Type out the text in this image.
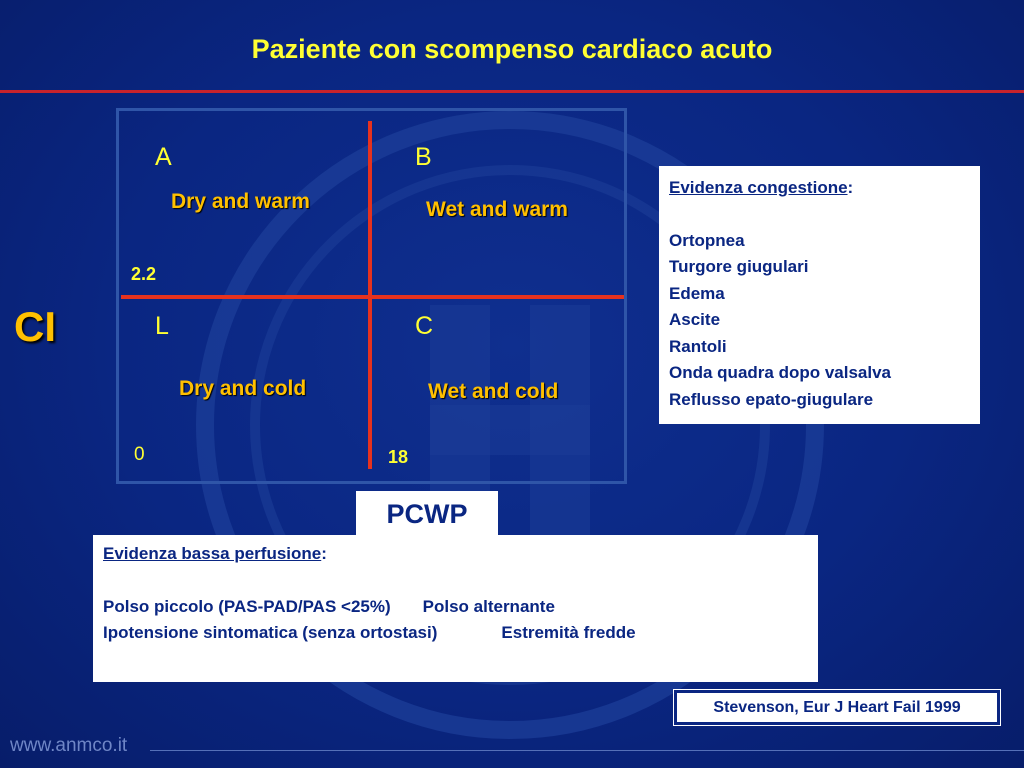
Paziente con scompenso cardiaco acuto
A	B
L	C
Dry and warm	Wet and warm
Dry and cold	Wet and cold
2.2
0	18
CI
PCWP
Evidenza congestione:
Ortopnea
Turgore giugulari
Edema
Ascite
Rantoli
Onda quadra dopo valsalva
Reflusso epato-giugulare
Evidenza bassa perfusione:
Polso piccolo (PAS-PAD/PAS <25%) Polso alternante
Ipotensione sintomatica (senza ortostasi)	Estremità fredde
Stevenson, Eur J Heart Fail 1999
www.anmco.it
